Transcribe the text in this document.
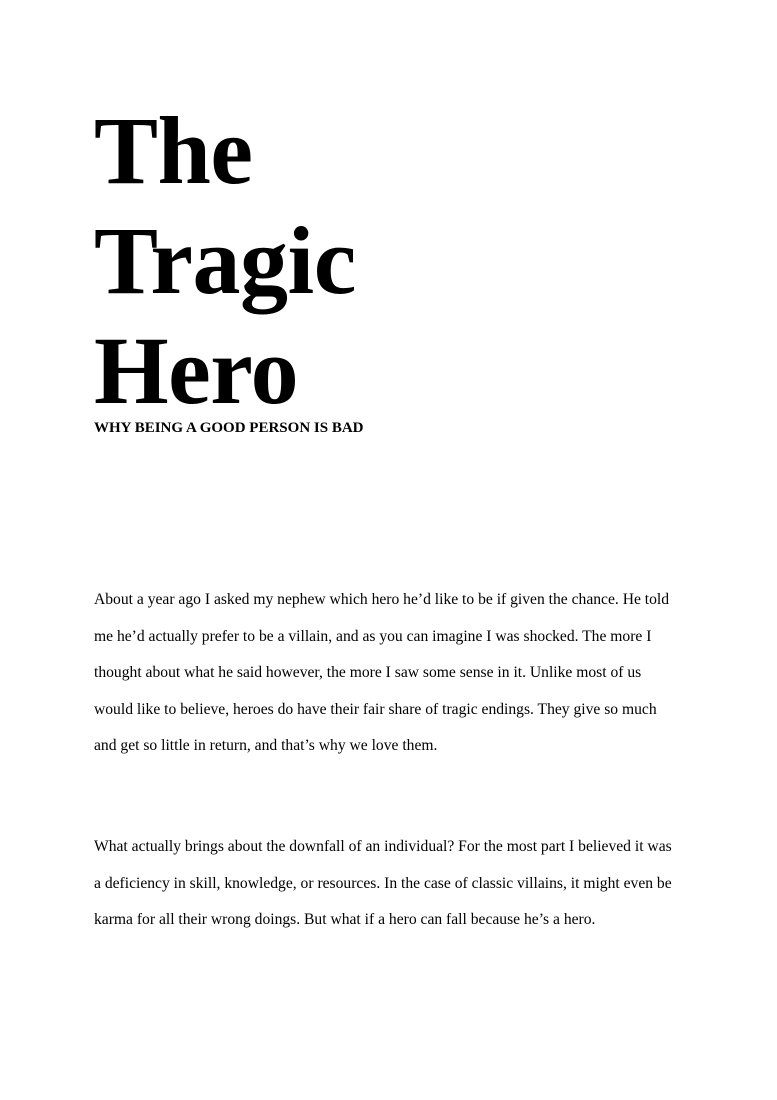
The
Tragic
Hero
WHY BEING A GOOD PERSON IS BAD

About a year ago I asked my nephew which hero he’d like to be if given the chance. He told
me he’d actually prefer to be a villain, and as you can imagine I was shocked. The more I
thought about what he said however, the more I saw some sense in it. Unlike most of us
would like to believe, heroes do have their fair share of tragic endings. They give so much
and get so little in return, and that’s why we love them.

What actually brings about the downfall of an individual? For the most part I believed it was
a deficiency in skill, knowledge, or resources. In the case of classic villains, it might even be
karma for all their wrong doings. But what if a hero can fall because he’s a hero.
